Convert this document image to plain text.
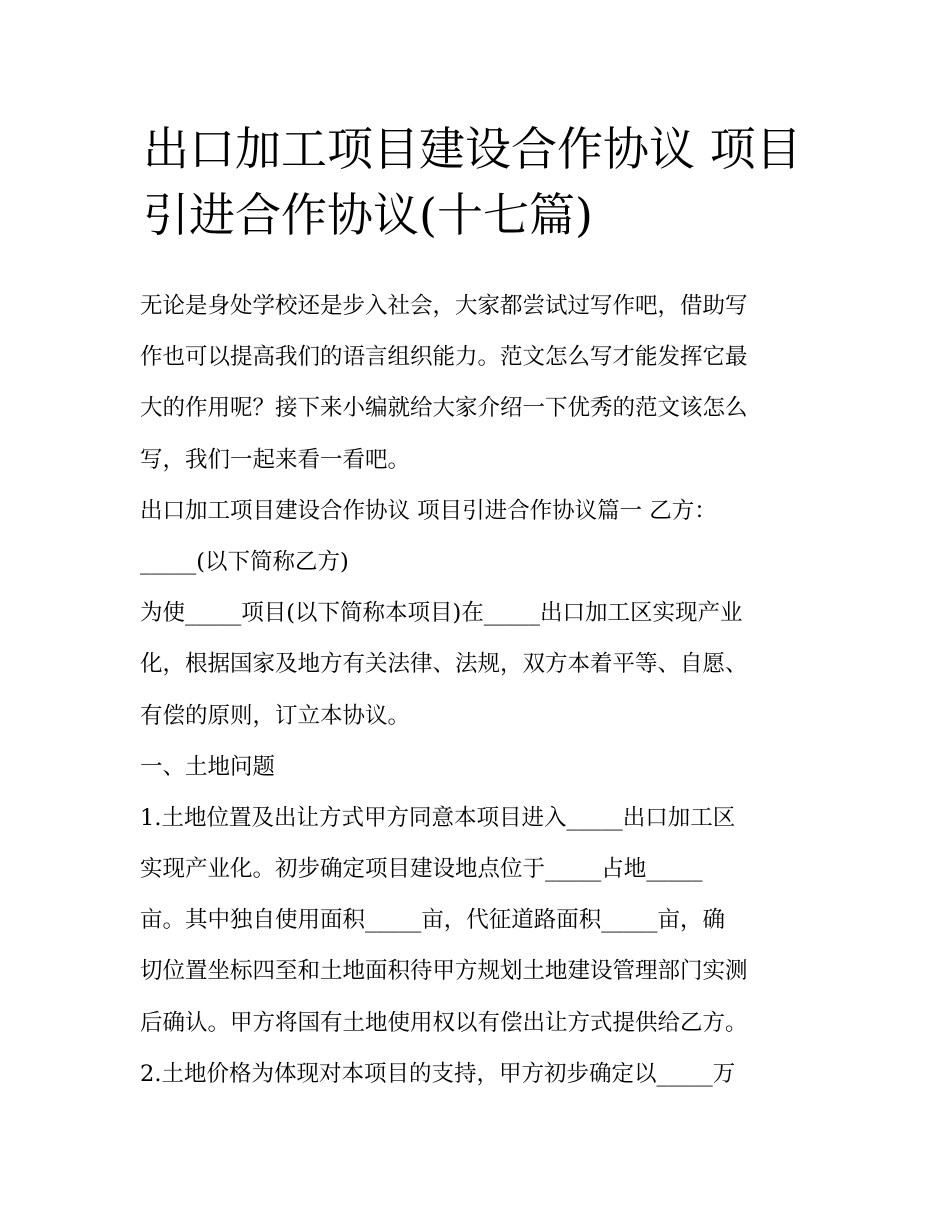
出口加工项目建设合作协议 项目引进合作协议(十七篇)

无论是身处学校还是步入社会，大家都尝试过写作吧，借助写

作也可以提高我们的语言组织能力。范文怎么写才能发挥它最

大的作用呢？接下来小编就给大家介绍一下优秀的范文该怎么

写，我们一起来看一看吧。

出口加工项目建设合作协议 项目引进合作协议篇一 乙方：

_____(以下简称乙方)

为使_____项目(以下简称本项目)在_____出口加工区实现产业

化，根据国家及地方有关法律、法规，双方本着平等、自愿、

有偿的原则，订立本协议。

一、土地问题

1.土地位置及出让方式甲方同意本项目进入_____出口加工区

实现产业化。初步确定项目建设地点位于_____占地_____

亩。其中独自使用面积_____亩，代征道路面积_____亩，确

切位置坐标四至和土地面积待甲方规划土地建设管理部门实测

后确认。甲方将国有土地使用权以有偿出让方式提供给乙方。

2.土地价格为体现对本项目的支持，甲方初步确定以_____万
